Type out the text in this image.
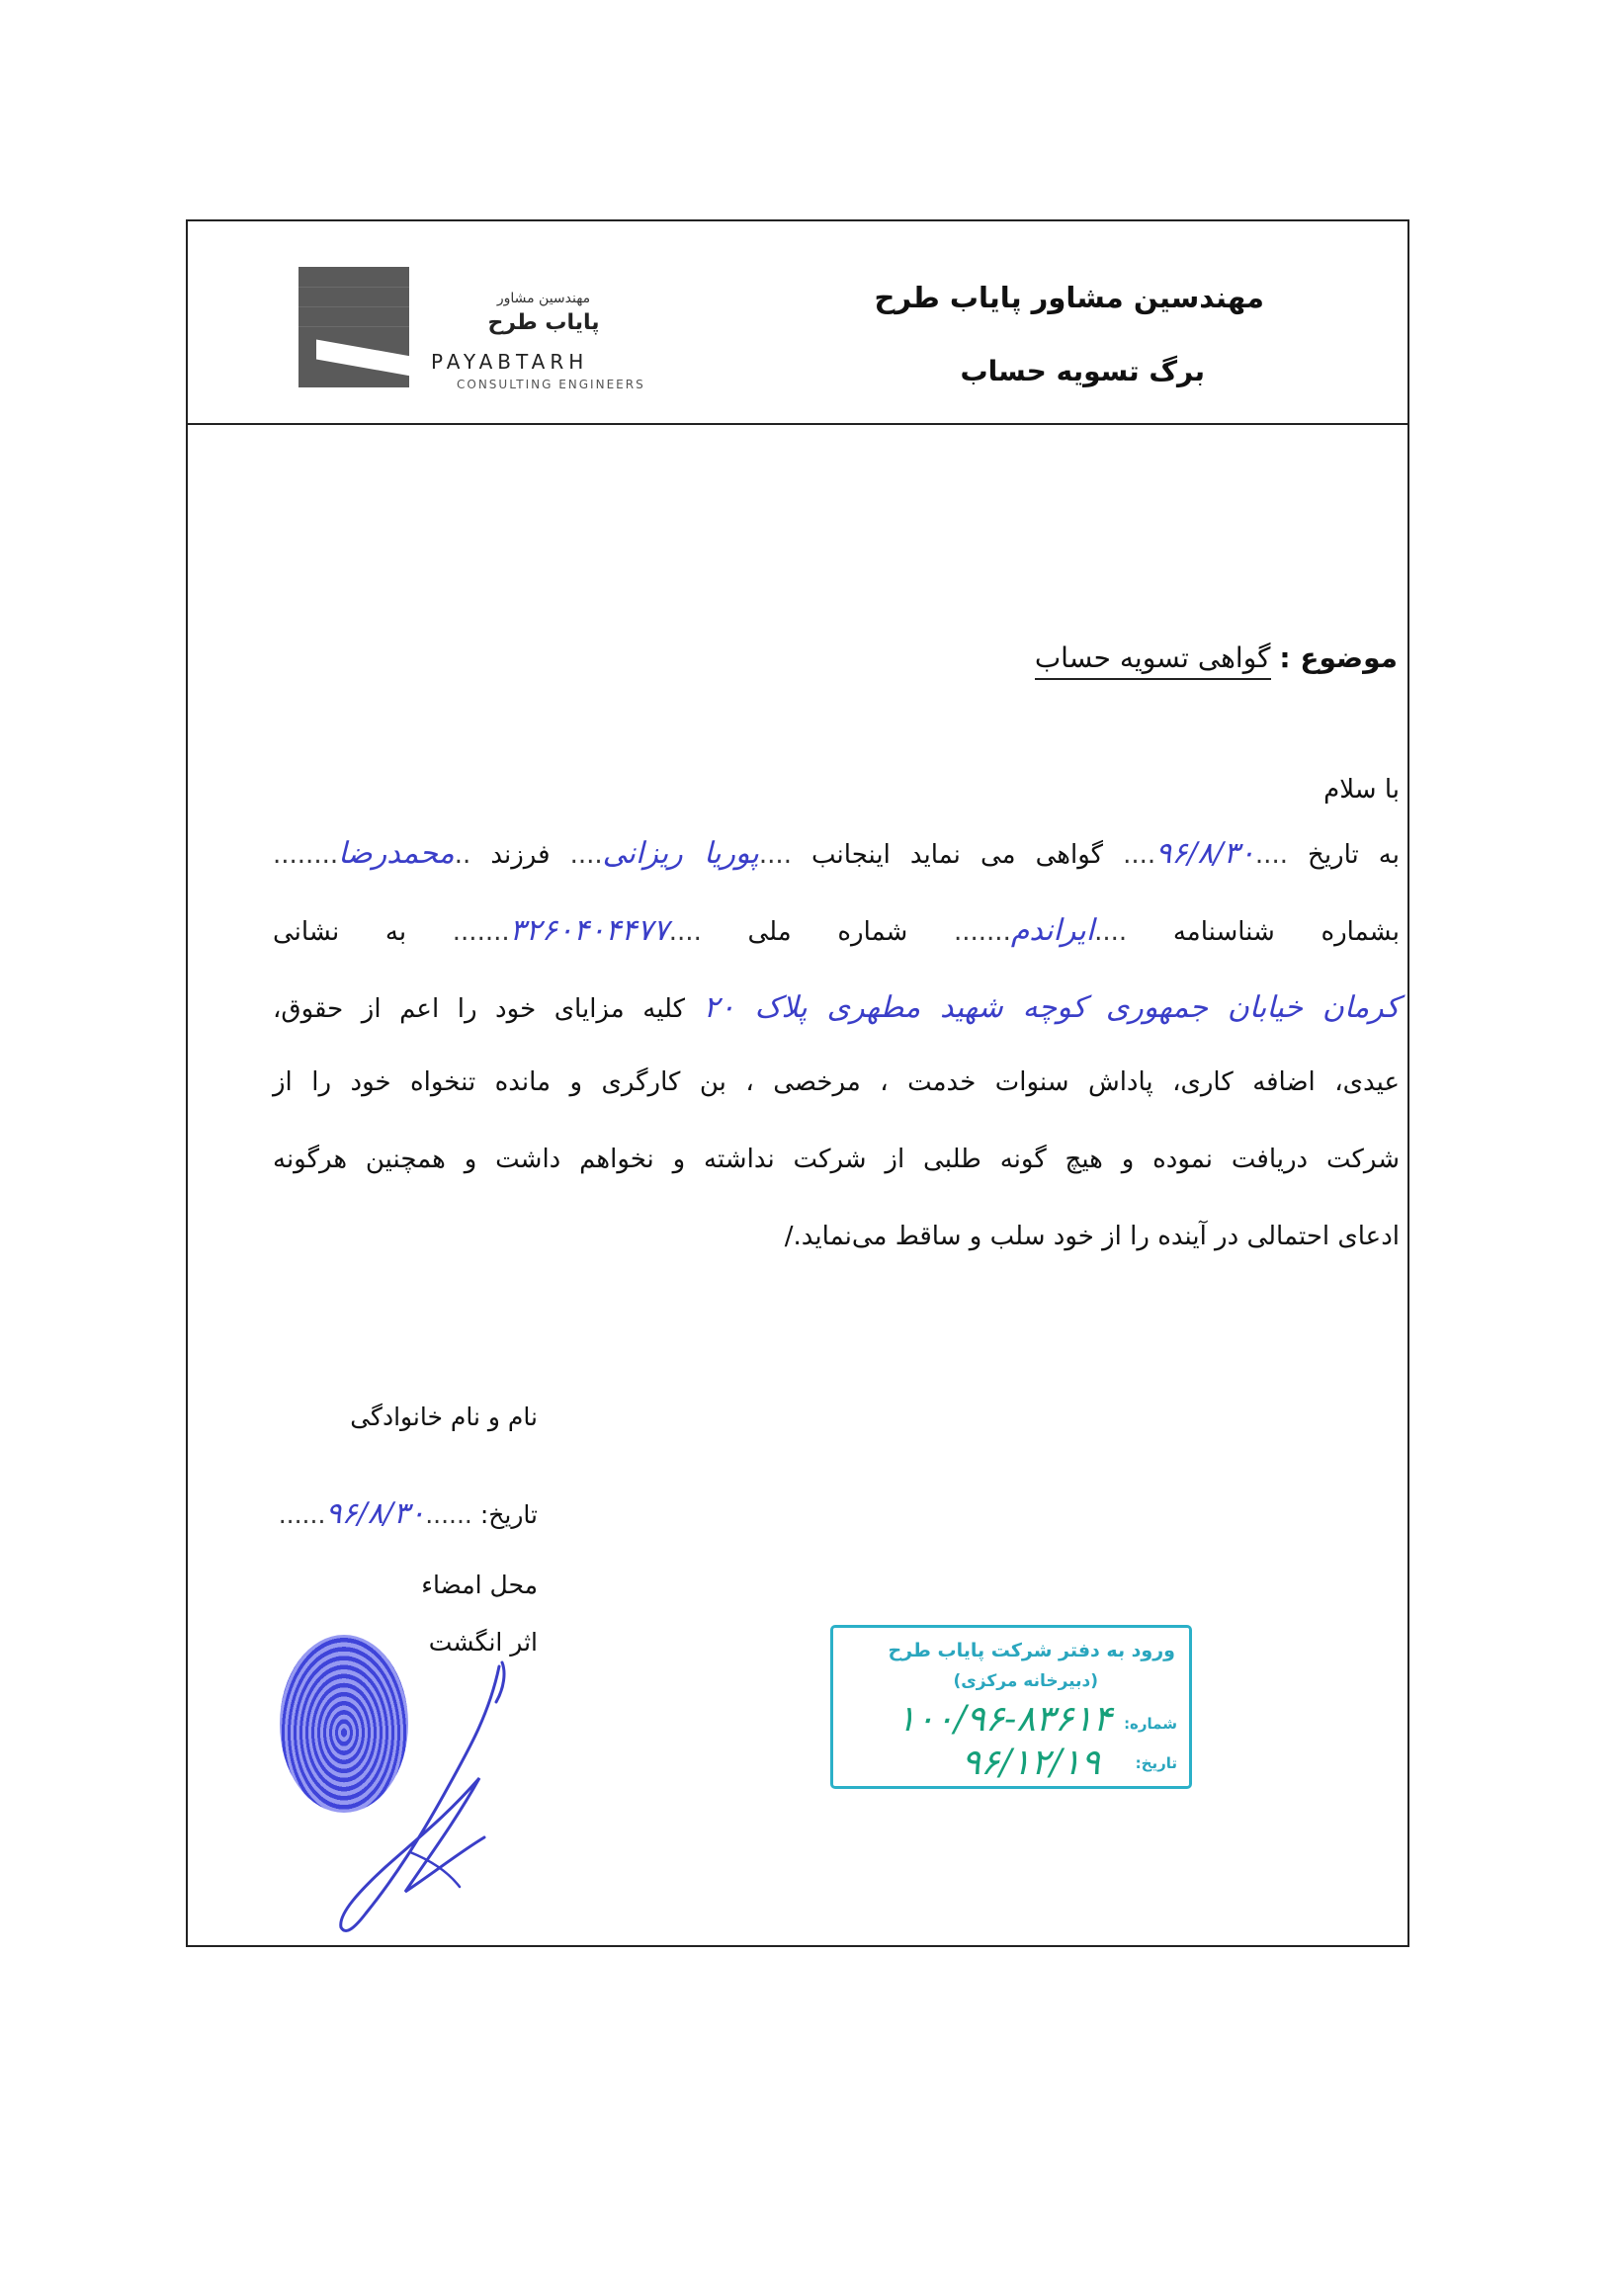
مهندسین مشاور
پایاب طرح
PAYABTARH
CONSULTING ENGINEERS
مهندسین مشاور پایاب طرح
برگ تسویه حساب
موضوع : گواهی تسویه حساب
با سلام
به تاریخ ....۹۶/۸/۳۰.... گواهی می نماید اینجانب ....پوریا ریزانی.... فرزند ..محمدرضا........
بشماره شناسنامه ....ایراندم....... شماره ملی ....۳۲۶۰۴۰۴۴۷۷....... به نشانی
کرمان خیابان جمهوری کوچه شهید مطهری پلاک ۲۰ کلیه مزایای خود را اعم از حقوق،
عیدی، اضافه کاری، پاداش سنوات خدمت ، مرخصی ، بن کارگری و مانده تنخواه خود را از
شرکت دریافت نموده و هیچ گونه طلبی از شرکت نداشته و نخواهم داشت و همچنین هرگونه
ادعای احتمالی در آینده را از خود سلب و ساقط می‌نماید./
نام و نام خانوادگی
تاریخ: ......۹۶/۸/۳۰......
محل امضاء
اثر انگشت	ورود به دفتر شرکت پایاب طرح
(دبیرخانه مرکزی)
شماره:
۱۰۰/۹۶-۸۳۶۱۴
تاریخ:
۹۶/۱۲/۱۹
